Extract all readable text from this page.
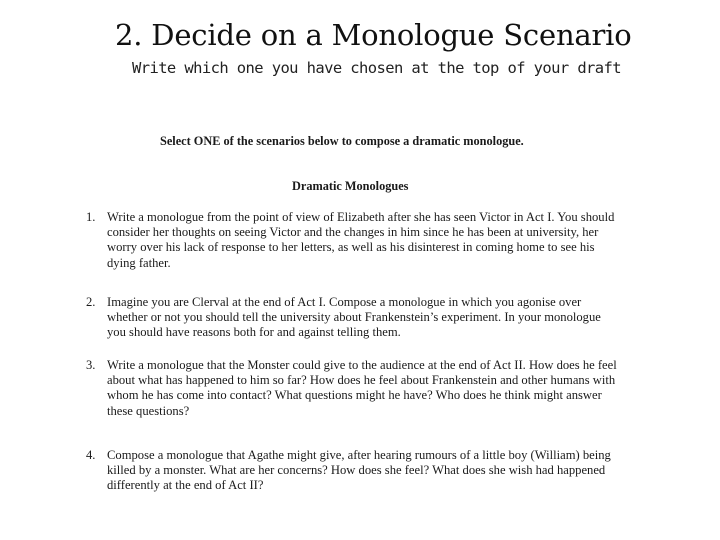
2. Decide on a Monologue Scenario
Write which one you have chosen at the top of your draft
Select ONE of the scenarios below to compose a dramatic monologue.
Dramatic Monologues
1. Write a monologue from the point of view of Elizabeth after she has seen Victor in Act I. You should
consider her thoughts on seeing Victor and the changes in him since he has been at university, her
worry over his lack of response to her letters, as well as his disinterest in coming home to see his
dying father.
2. Imagine you are Clerval at the end of Act I. Compose a monologue in which you agonise over
whether or not you should tell the university about Frankenstein’s experiment. In your monologue
you should have reasons both for and against telling them.
3. Write a monologue that the Monster could give to the audience at the end of Act II. How does he feel
about what has happened to him so far? How does he feel about Frankenstein and other humans with
whom he has come into contact? What questions might he have? Who does he think might answer
these questions?
4. Compose a monologue that Agathe might give, after hearing rumours of a little boy (William) being
killed by a monster. What are her concerns? How does she feel? What does she wish had happened
differently at the end of Act II?
